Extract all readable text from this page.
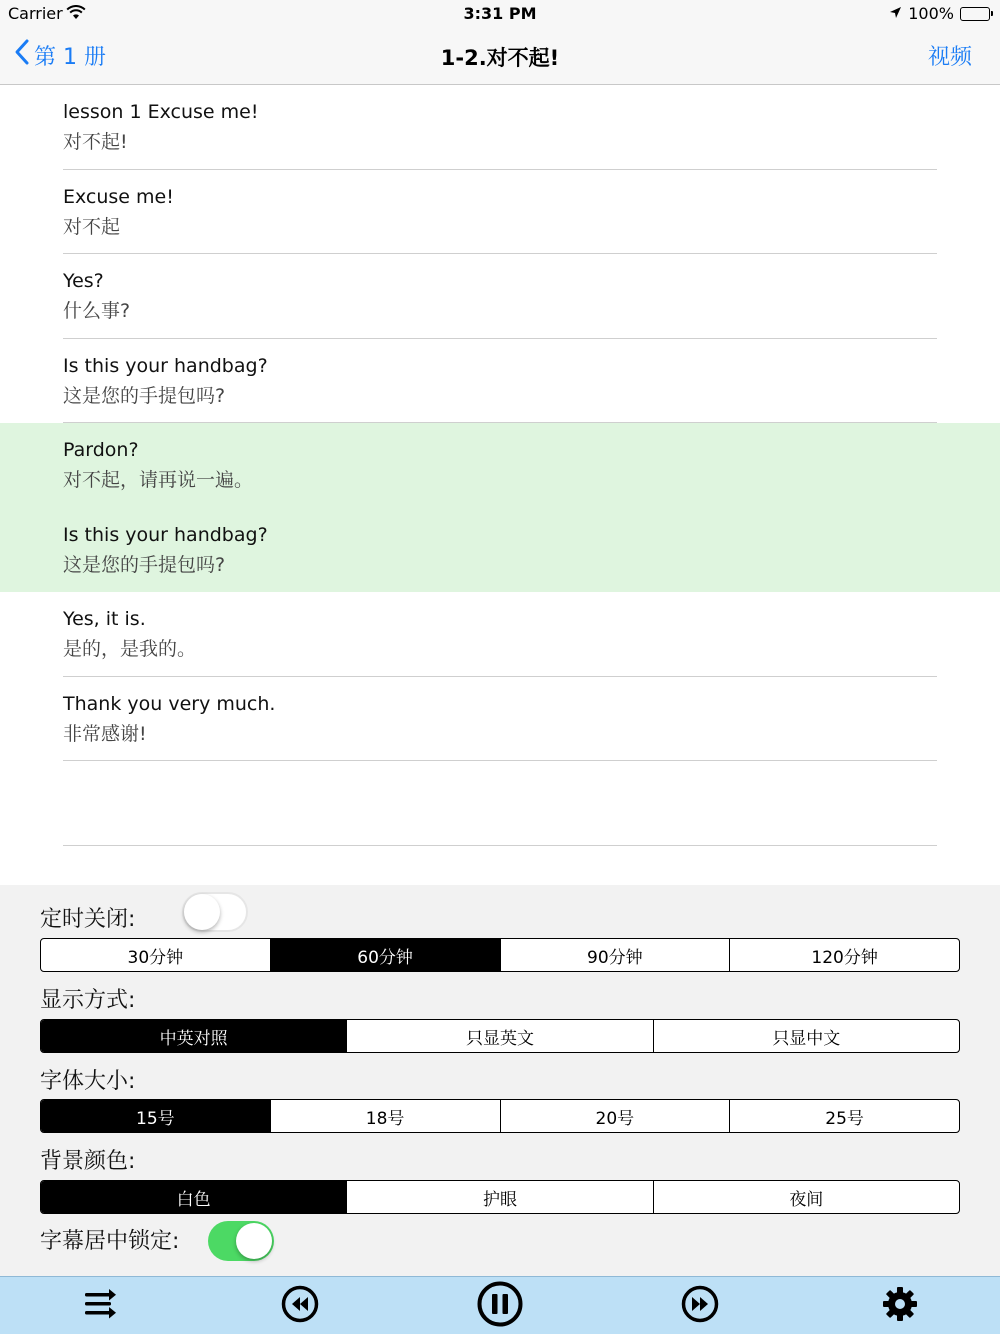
Carrier	3:31 PM	100%
第 1 册	1-2.对不起!	视频
lesson 1 Excuse me!
对不起!
Excuse me!
对不起
Yes?
什么事?
Is this your handbag?
这是您的手提包吗?
Pardon?
对不起，请再说一遍。
Is this your handbag?
这是您的手提包吗?
Yes, it is.
是的，是我的。
Thank you very much.
非常感谢!
定时关闭:
30分钟	60分钟	90分钟	120分钟
显示方式:
中英对照	只显英文	只显中文
字体大小:
15号	18号	20号	25号
背景颜色:
白色	护眼	夜间
字幕居中锁定:
